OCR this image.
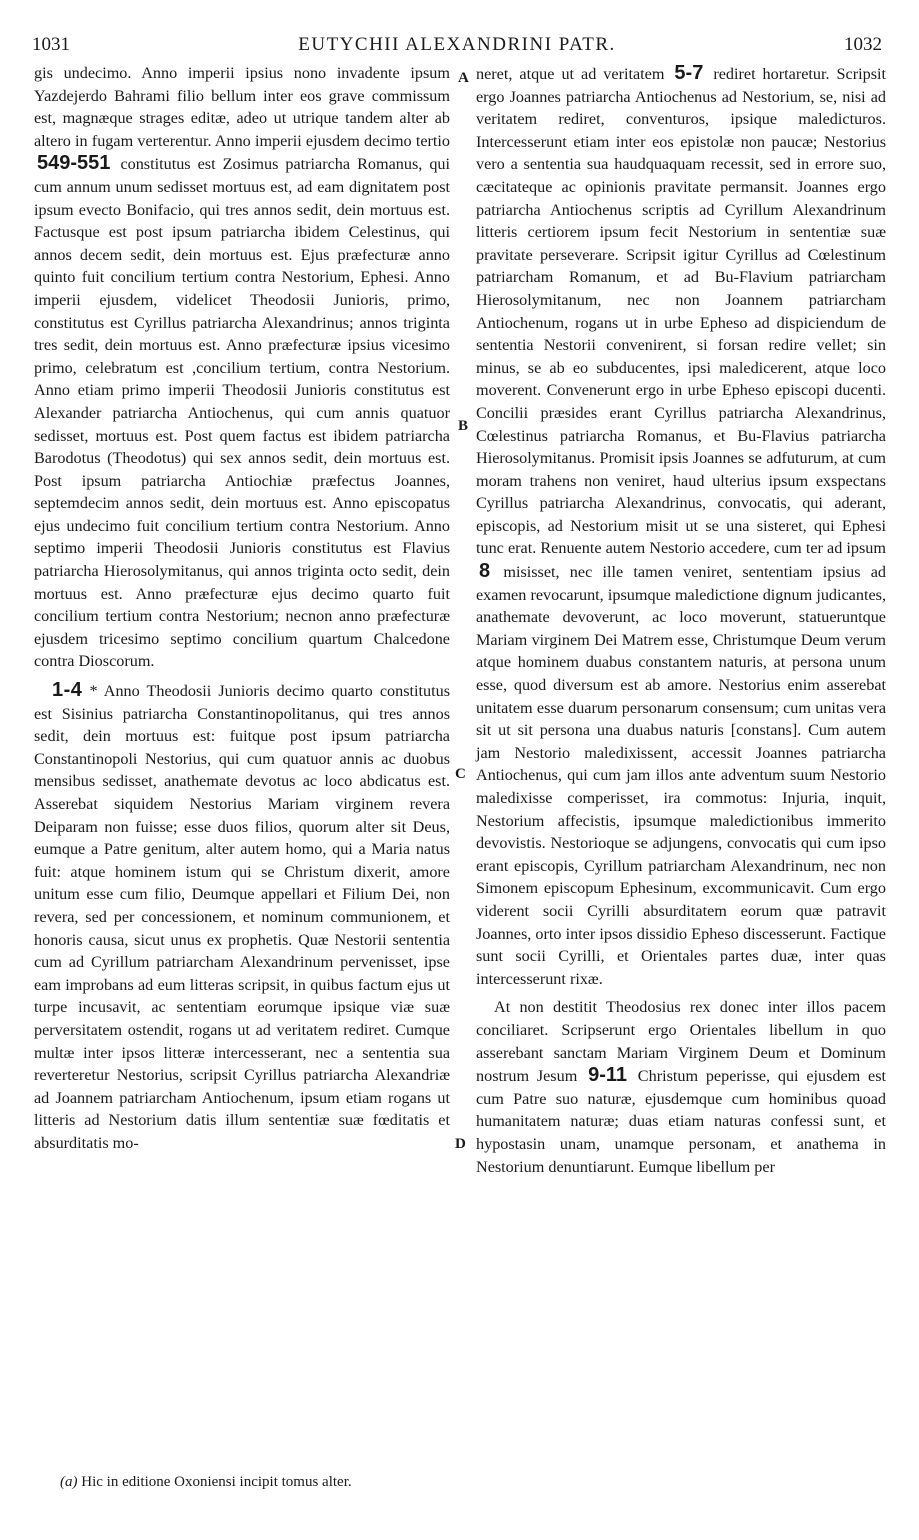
1031	EUTYCHII ALEXANDRINI PATR.	1032

gis undecimo. Anno imperii ipsius nono invadente ipsum Yazdejerdo Bahrami filio bellum inter eos grave commissum est, magnæque strages editæ, adeo ut utrique tandem alter ab altero in fugam verterentur. Anno imperii ejusdem decimo tertio 549-551 constitutus est Zosimus patriarcha Romanus, qui cum annum unum sedisset mortuus est, ad eam dignitatem post ipsum evecto Bonifacio, qui tres annos sedit, dein mortuus est. Factusque est post ipsum patriarcha ibidem Celestinus, qui annos decem sedit, dein mortuus est. Ejus præfecturæ anno quinto fuit concilium tertium contra Nestorium, Ephesi. Anno imperii ejusdem, videlicet Theodosii Junioris, primo, constitutus est Cyrillus patriarcha Alexandrinus; annos triginta tres sedit, dein mortuus est. Anno præfecturæ ipsius vicesimo primo, celebratum est ,concilium tertium, contra Nestorium. Anno etiam primo imperii Theodosii Junioris constitutus est Alexander patriarcha Antiochenus, qui cum annis quatuor sedisset, mortuus est. Post quem factus est ibidem patriarcha Barodotus (Theodotus) qui sex annos sedit, dein mortuus est. Post ipsum patriarcha Antiochiæ præfectus Joannes, septemdecim annos sedit, dein mortuus est. Anno episcopatus ejus undecimo fuit concilium tertium contra Nestorium. Anno septimo imperii Theodosii Junioris constitutus est Flavius patriarcha Hierosolymitanus, qui annos triginta octo sedit, dein mortuus est. Anno præfecturæ ejus decimo quarto fuit concilium tertium contra Nestorium; necnon anno præfecturæ ejusdem tricesimo septimo concilium quartum Chalcedone contra Dioscorum.

1-4 * Anno Theodosii Junioris decimo quarto constitutus est Sisinius patriarcha Constantinopolitanus, qui tres annos sedit, dein mortuus est: fuitque post ipsum patriarcha Constantinopoli Nestorius, qui cum quatuor annis ac duobus mensibus sedisset, anathemate devotus ac loco abdicatus est. Asserebat siquidem Nestorius Mariam virginem revera Deiparam non fuisse; esse duos filios, quorum alter sit Deus, eumque a Patre genitum, alter autem homo, qui a Maria natus fuit: atque hominem istum qui se Christum dixerit, amore unitum esse cum filio, Deumque appellari et Filium Dei, non revera, sed per concessionem, et nominum communionem, et honoris causa, sicut unus ex prophetis. Quæ Nestorii sententia cum ad Cyrillum patriarcham Alexandrinum pervenisset, ipse eam improbans ad eum litteras scripsit, in quibus factum ejus ut turpe incusavit, ac sententiam eorumque ipsique viæ suæ perversitatem ostendit, rogans ut ad veritatem rediret. Cumque multæ inter ipsos litteræ intercesserant, nec a sententia sua reverteretur Nestorius, scripsit Cyrillus patriarcha Alexandriæ ad Joannem patriarcham Antiochenum, ipsum etiam rogans ut litteris ad Nestorium datis illum sententiæ suæ fœditatis et absurditatis mo-

neret, atque ut ad veritatem 5-7 rediret hortaretur. Scripsit ergo Joannes patriarcha Antiochenus ad Nestorium, se, nisi ad veritatem rediret, conventuros, ipsique maledicturos. Intercesserunt etiam inter eos epistolæ non paucæ; Nestorius vero a sententia sua haudquaquam recessit, sed in errore suo, cæcitateque ac opinionis pravitate permansit. Joannes ergo patriarcha Antiochenus scriptis ad Cyrillum Alexandrinum litteris certiorem ipsum fecit Nestorium in sententiæ suæ pravitate perseverare. Scripsit igitur Cyrillus ad Cœlestinum patriarcham Romanum, et ad Bu-Flavium patriarcham Hierosolymitanum, nec non Joannem patriarcham Antiochenum, rogans ut in urbe Ephesо ad dispiciendum de sententia Nestorii convenirent, si forsan redire vellet; sin minus, se ab eo subducentes, ipsi maledicerent, atque loco moverent. Convenerunt ergo in urbe Epheso episcopi ducenti. Concilii præsides erant Cyrillus patriarcha Alexandrinus, Cœlestinus patriarcha Romanus, et Bu-Flavius patriarcha Hierosolymitanus. Promisit ipsis Joannes se adfuturum, at cum moram trahens non veniret, haud ulterius ipsum exspectans Cyrillus patriarcha Alexandrinus, convocatis, qui aderant, episcopis, ad Nestorium misit ut se una sisteret, qui Ephesi tunc erat. Renuente autem Nestorio accedere, cum ter ad ipsum 8 misisset, nec ille tamen veniret, sententiam ipsius ad examen revocarunt, ipsumque maledictione dignum judicantes, anathemate devoverunt, ac loco moverunt, statueruntque Mariam virginem Dei Matrem esse, Christumque Deum verum atque hominem duabus constantem naturis, at persona unum esse, quod diversum est ab amore. Nestorius enim asserebat unitatem esse duarum personarum consensum; cum unitas vera sit ut sit persona una duabus naturis [constans]. Cum autem jam Nestorio maledixissent, accessit Joannes patriarcha Antiochenus, qui cum jam illos ante adventum suum Nestorio maledixisse comperisset, ira commotus: Injuria, inquit, Nestorium affecistis, ipsumque maledictionibus immerito devovistis. Nestorioque se adjungens, convocatis qui cum ipso erant episcopis, Cyrillum patriarcham Alexandrinum, nec non Simonem episcopum Ephesinum, excommunicavit. Cum ergo viderent socii Cyrilli absurditatem eorum quæ patravit Joannes, orto inter ipsos dissidio Epheso discesserunt. Factique sunt socii Cyrilli, et Orientales partes duæ, inter quas intercesserunt rixæ.

At non destitit Theodosius rex donec inter illos pacem conciliaret. Scripserunt ergo Orientales libellum in quo asserebant sanctam Mariam Virginem Deum et Dominum nostrum Jesum 9-11 Christum peperisse, qui ejusdem est cum Patre suo naturæ, ejusdemque cum hominibus quoad humanitatem naturæ; duas etiam naturas confessi sunt, et hypostasin unam, unamque personam, et anathema in Nestorium denuntiarunt. Eumque libellum per

A
B
C
D
(a) Hic in editione Oxoniensi incipit tomus alter.
